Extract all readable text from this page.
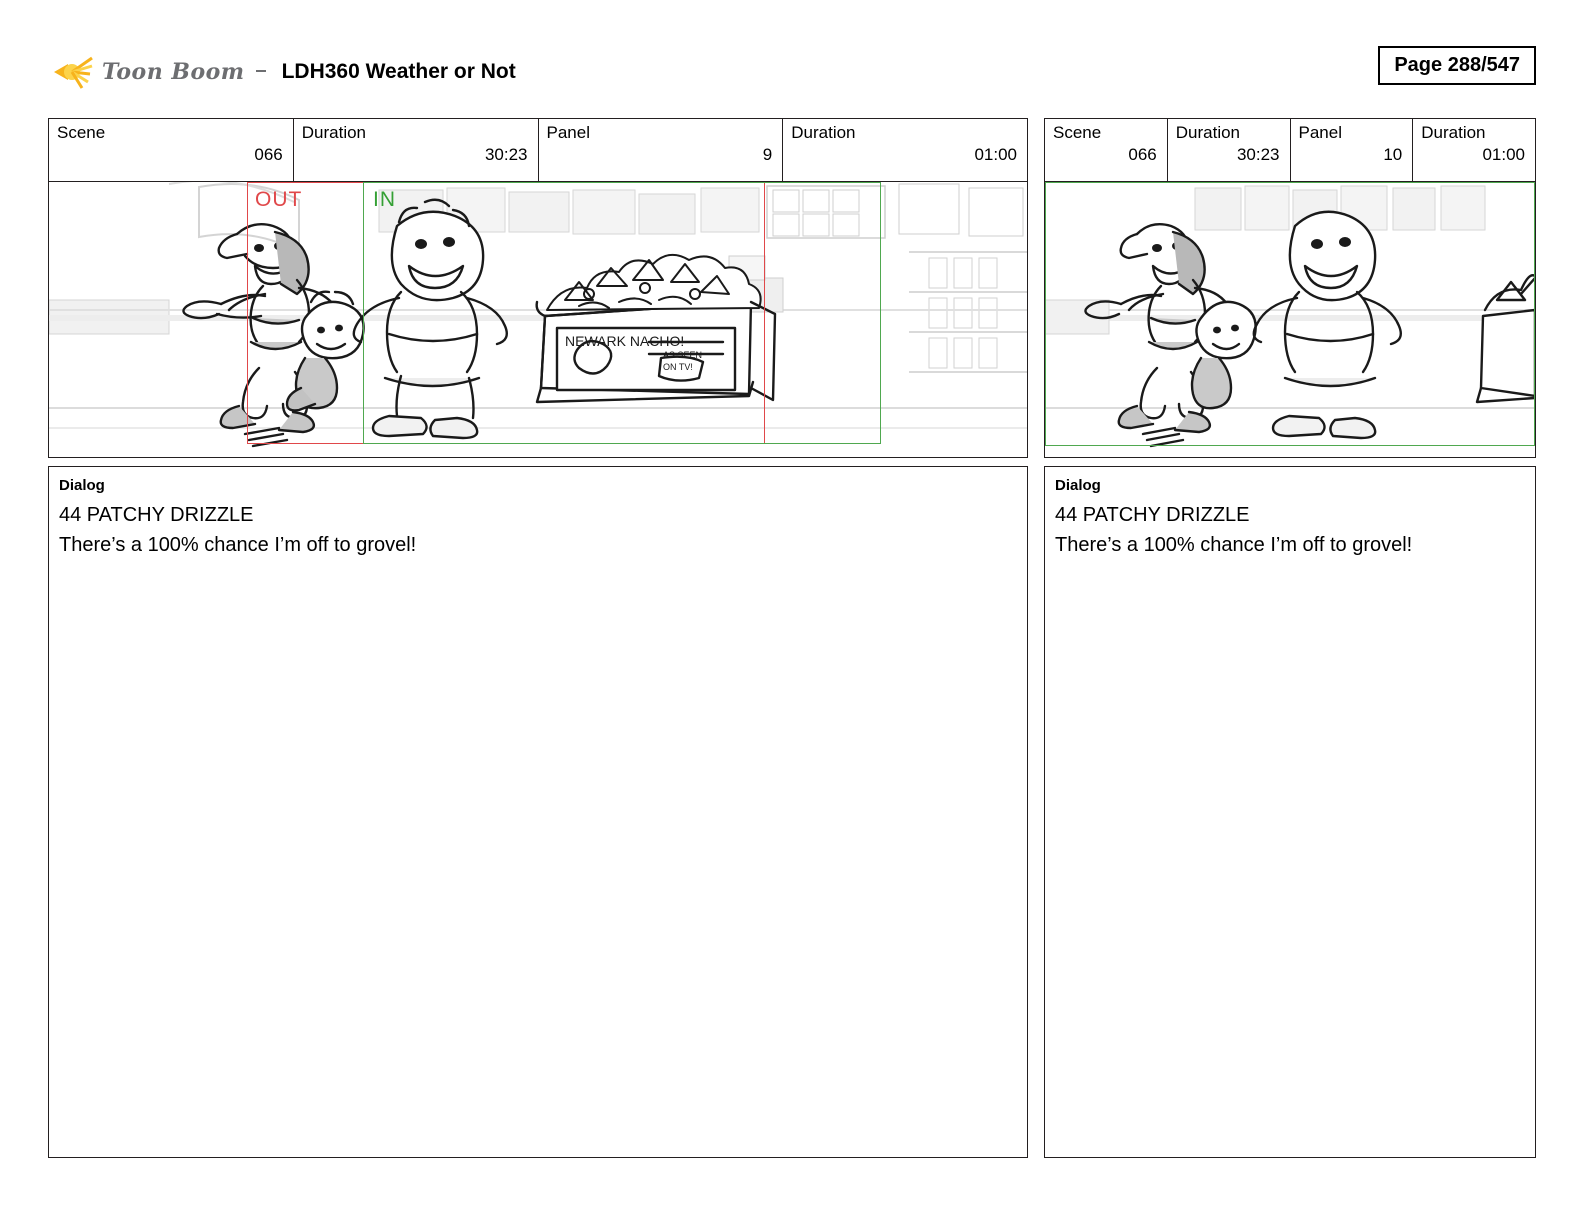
Toon Boom LDH360 Weather or Not	Page 288/547
Scene
066
Duration
30:23
Panel
9
Duration
01:00
NEWARK NACHO!
AS SEEN
ON TV!
OUT	IN
Dialog
44 PATCHY DRIZZLE
There’s a 100% chance I’m off to grovel!
Scene
066
Duration
30:23
Panel
10
Duration
01:00
Dialog
44 PATCHY DRIZZLE
There’s a 100% chance I’m off to grovel!
